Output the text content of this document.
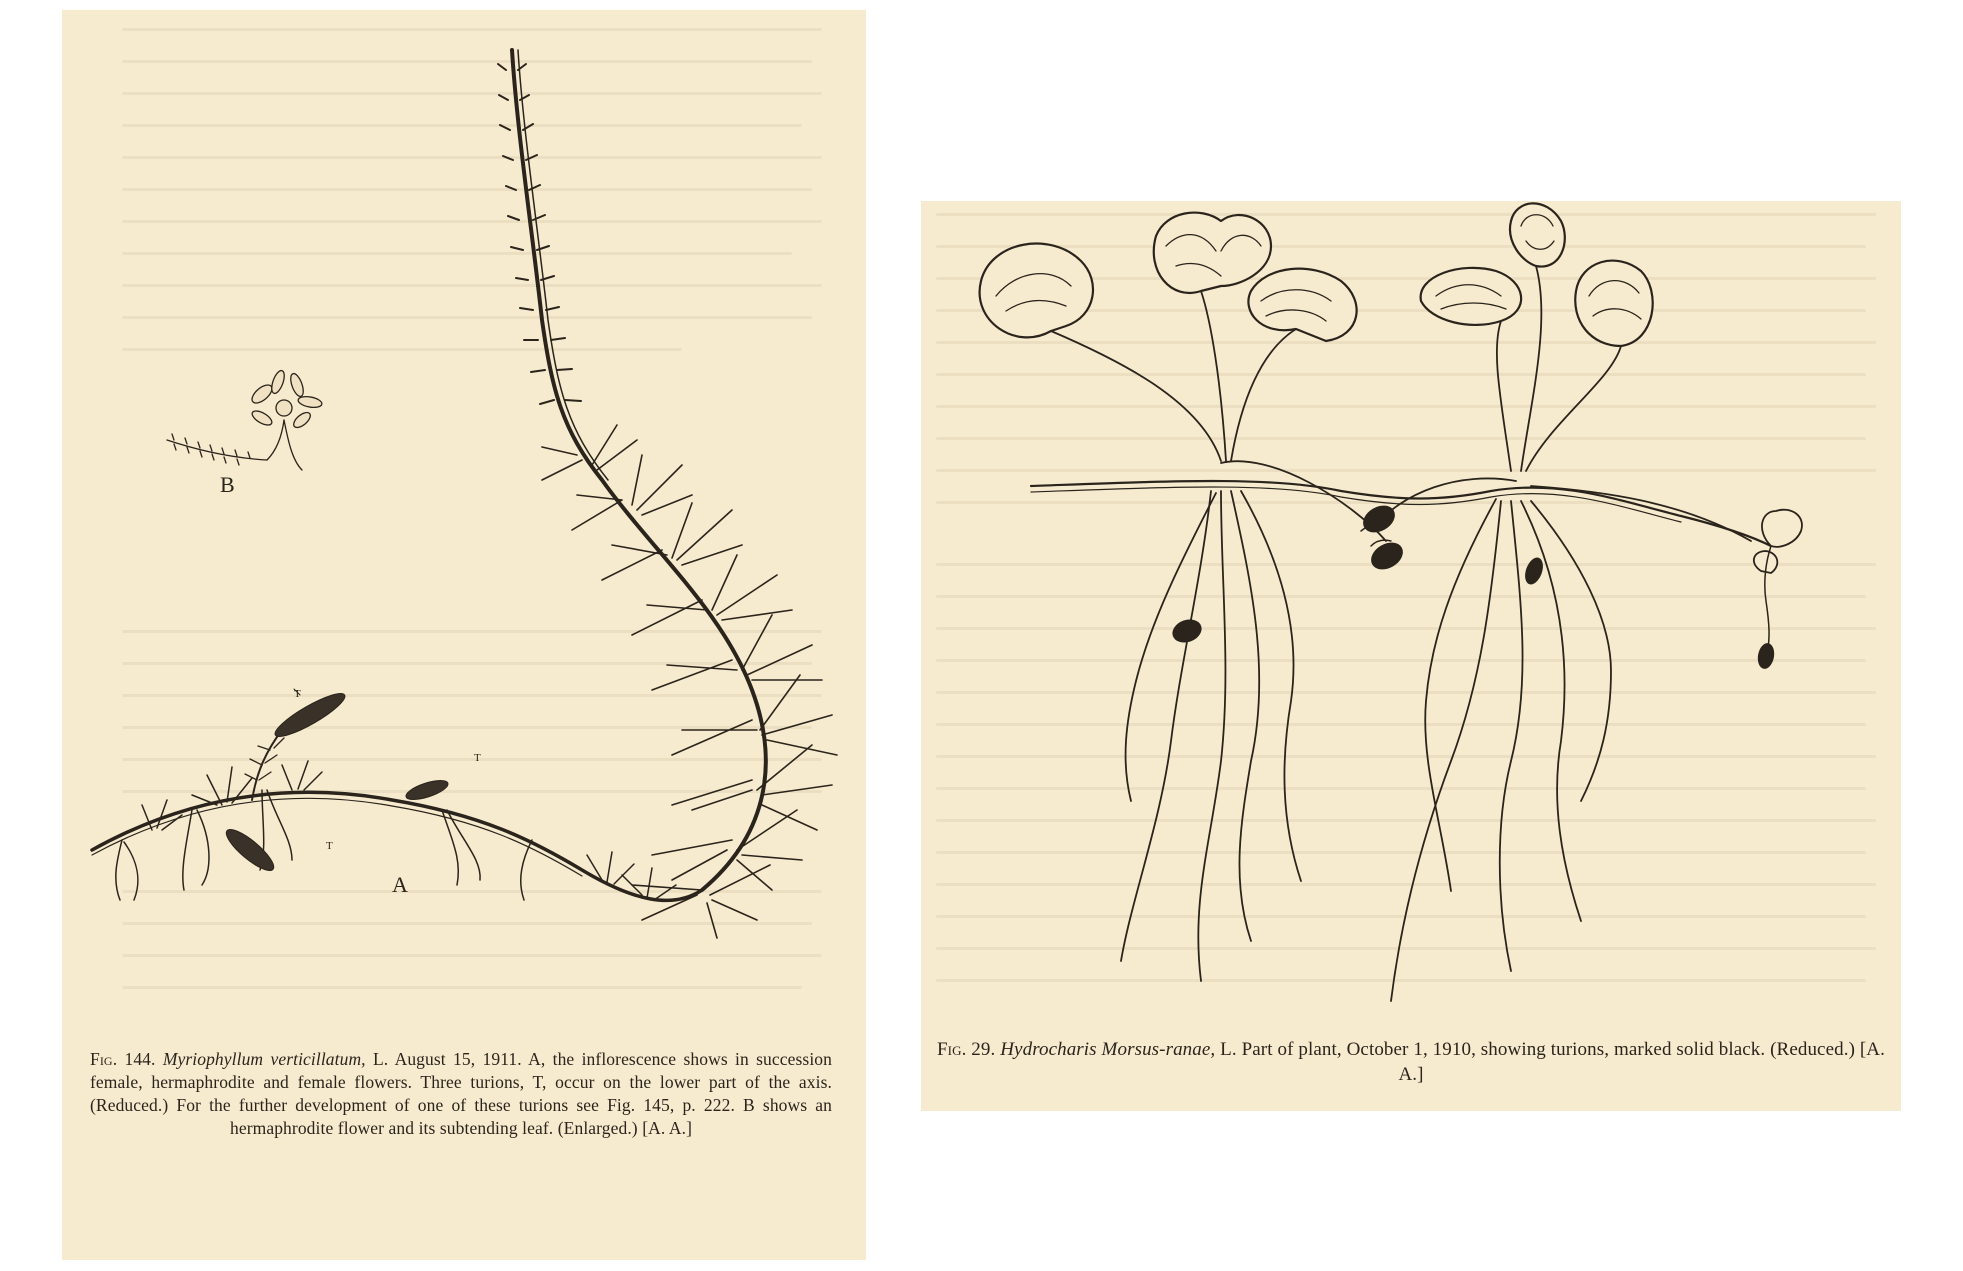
B
A
T
T
T
Fig. 144. Myriophyllum verticillatum, L. August 15, 1911. A, the inflorescence shows in succession female, hermaphrodite and female flowers. Three turions, T, occur on the lower part of the axis. (Reduced.) For the further development of one of these turions see Fig. 145, p. 222. B shows an hermaphrodite flower and its subtending leaf. (Enlarged.) [A. A.]
Fig. 29. Hydrocharis Morsus-ranae, L. Part of plant, October 1, 1910, showing turions, marked solid black. (Reduced.) [A. A.]
